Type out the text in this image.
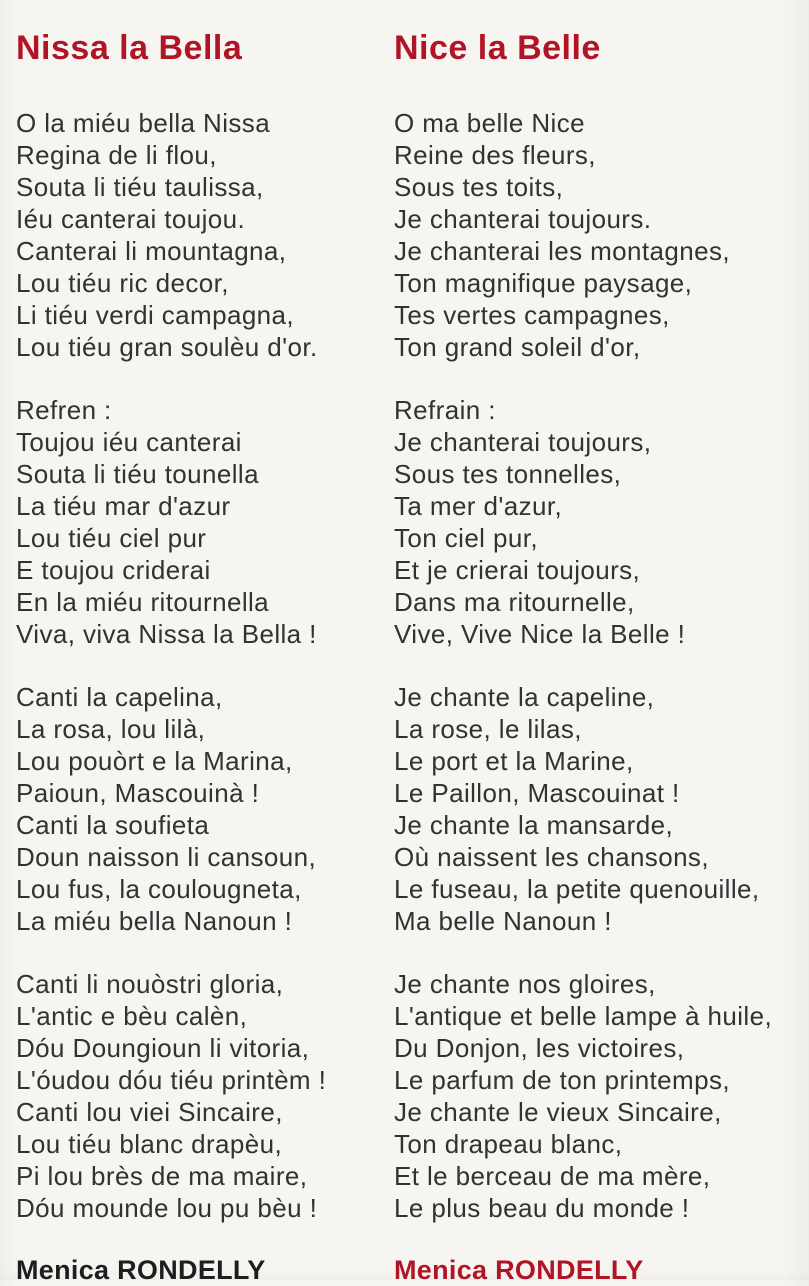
Nissa la Bella
O la miéu bella Nissa
Regina de li flou,
Souta li tiéu taulissa,
Iéu canterai toujou.
Canterai li mountagna,
Lou tiéu ric decor,
Li tiéu verdi campagna,
Lou tiéu gran soulèu d'or.
Refren :
Toujou iéu canterai
Souta li tiéu tounella
La tiéu mar d'azur
Lou tiéu ciel pur
E toujou criderai
En la miéu ritournella
Viva, viva Nissa la Bella !
Canti la capelina,
La rosa, lou lilà,
Lou pouòrt e la Marina,
Paioun, Mascouinà !
Canti la soufieta
Doun naisson li cansoun,
Lou fus, la coulougneta,
La miéu bella Nanoun !
Canti li nouòstri gloria,
L'antic e bèu calèn,
Dóu Doungioun li vitoria,
L'óudou dóu tiéu printèm !
Canti lou viei Sincaire,
Lou tiéu blanc drapèu,
Pi lou brès de ma maire,
Dóu mounde lou pu bèu !
Menica RONDELLY
Nice la Belle
O ma belle Nice
Reine des fleurs,
Sous tes toits,
Je chanterai toujours.
Je chanterai les montagnes,
Ton magnifique paysage,
Tes vertes campagnes,
Ton grand soleil d'or,
Refrain :
Je chanterai toujours,
Sous tes tonnelles,
Ta mer d'azur,
Ton ciel pur,
Et je crierai toujours,
Dans ma ritournelle,
Vive, Vive Nice la Belle !
Je chante la capeline,
La rose, le lilas,
Le port et la Marine,
Le Paillon, Mascouinat !
Je chante la mansarde,
Où naissent les chansons,
Le fuseau, la petite quenouille,
Ma belle Nanoun !
Je chante nos gloires,
L'antique et belle lampe à huile,
Du Donjon, les victoires,
Le parfum de ton printemps,
Je chante le vieux Sincaire,
Ton drapeau blanc,
Et le berceau de ma mère,
Le plus beau du monde !
Menica RONDELLY
